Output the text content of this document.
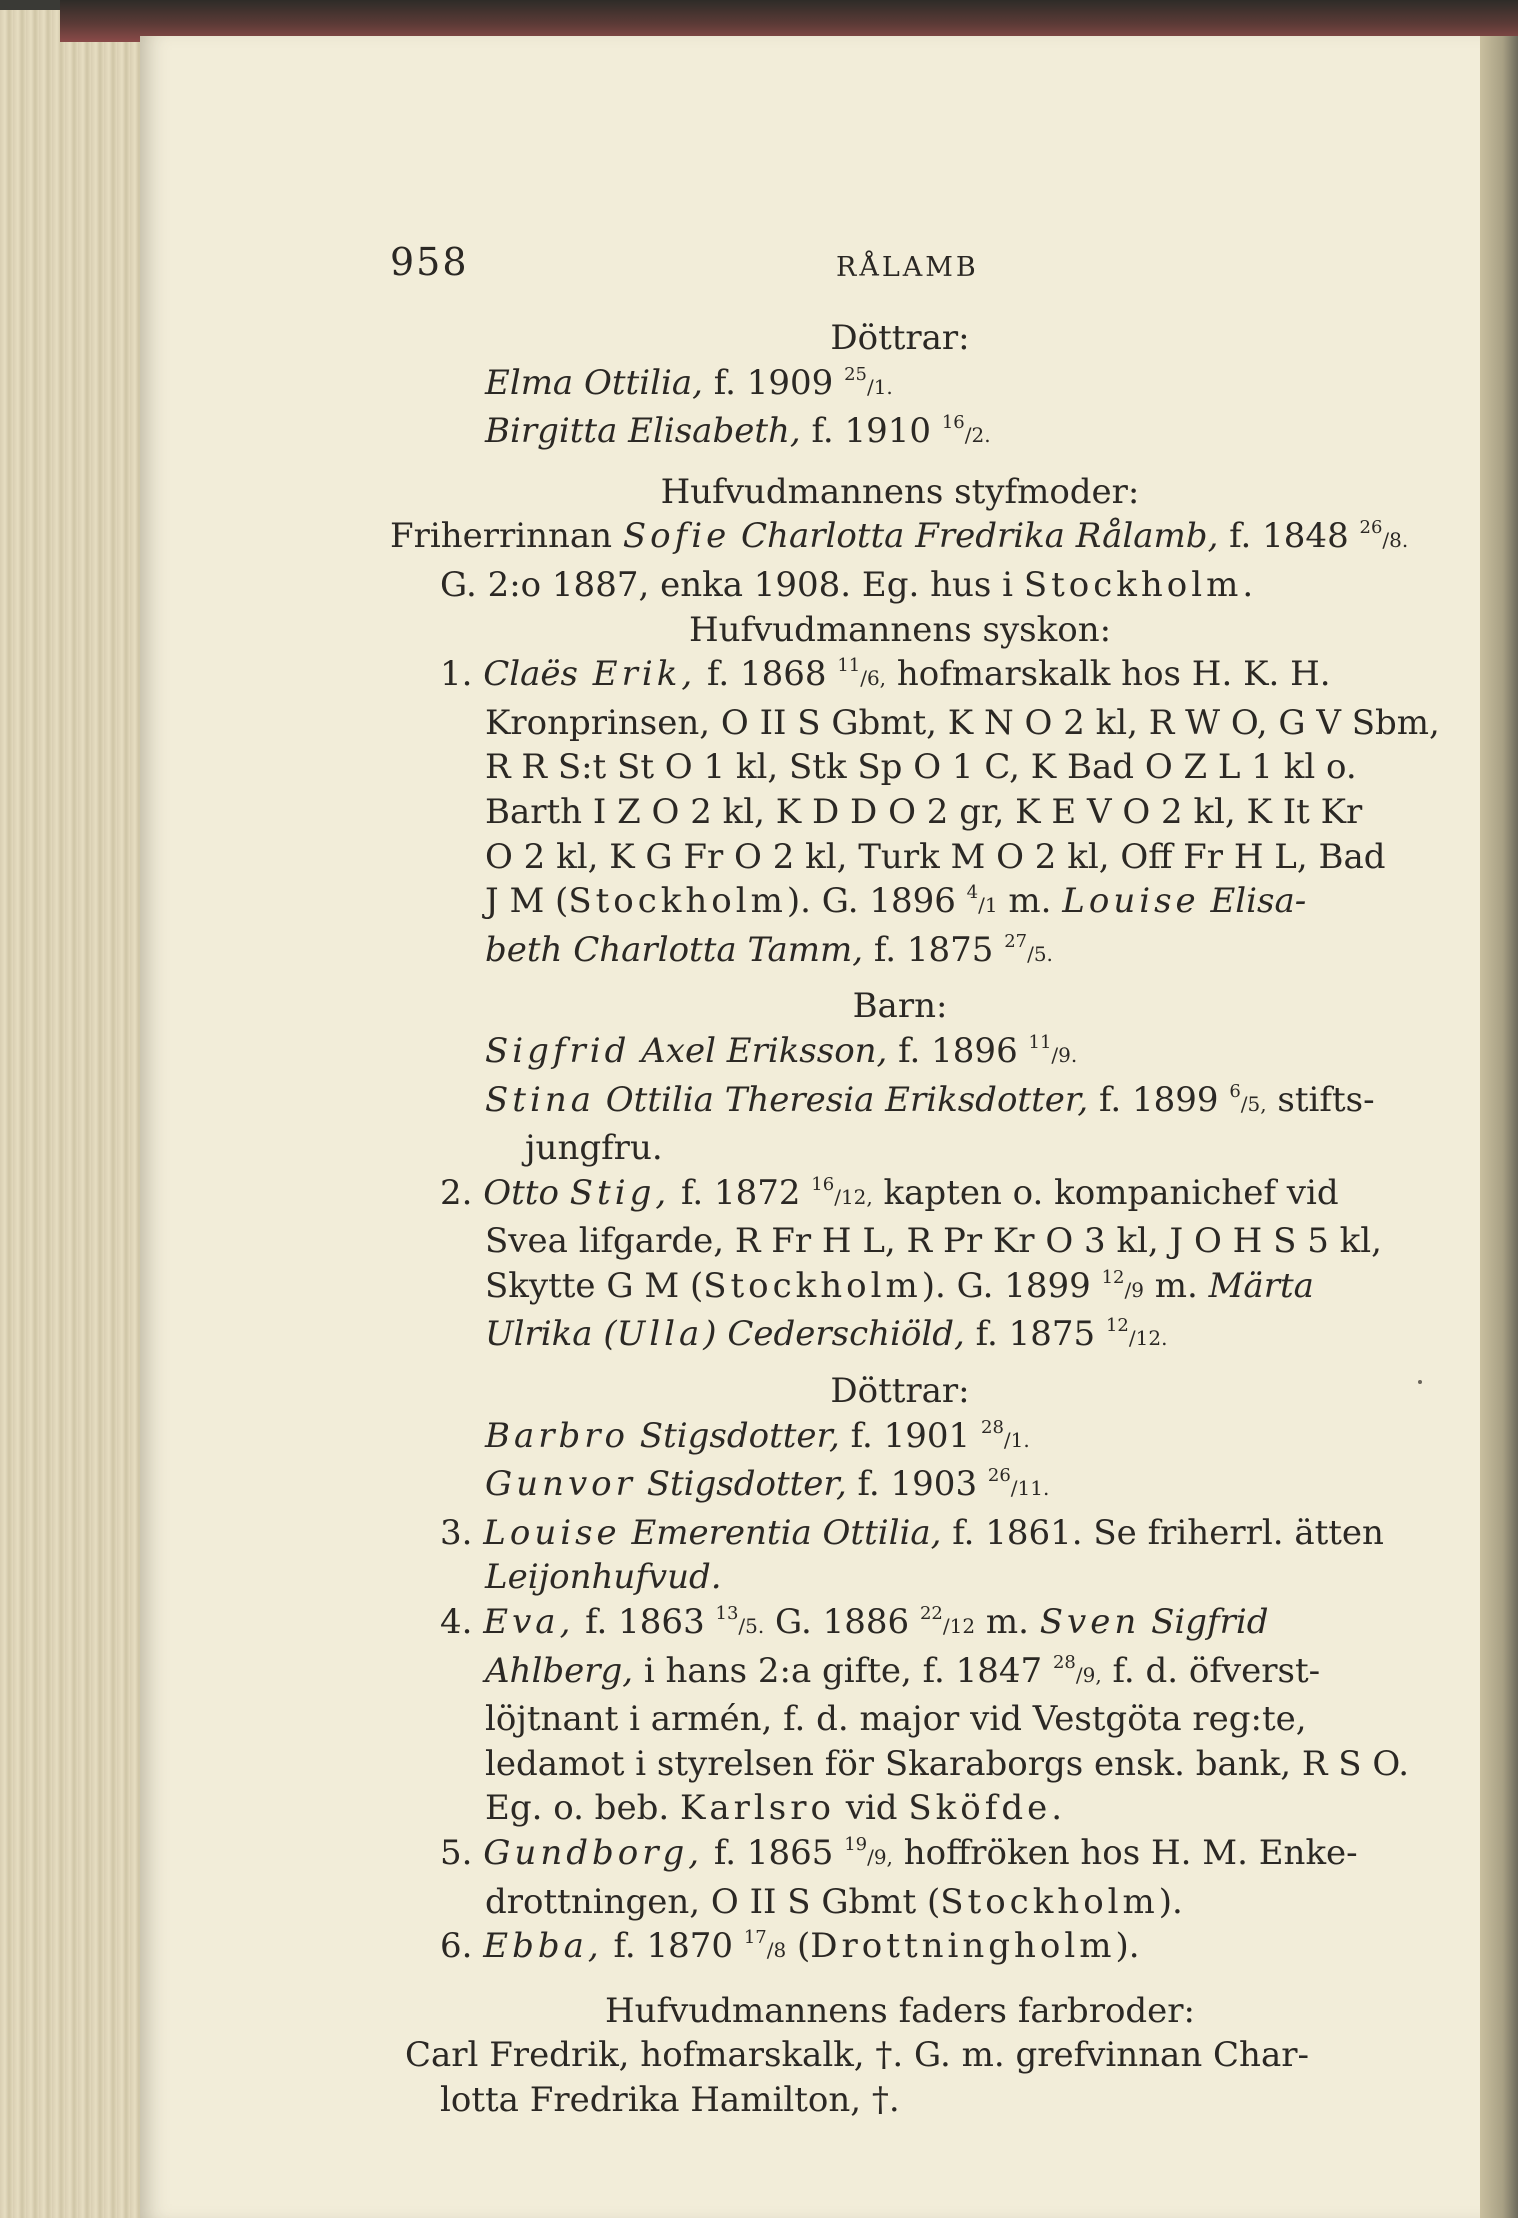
958	RÅLAMB
Döttrar:
Elma Ottilia, f. 1909 $^{25}$/1.
Birgitta Elisabeth, f. 1910 $^{16}$/2.
Hufvudmannens styfmoder:
Friherrinnan Sofie Charlotta Fredrika Rålamb, f. 1848 $^{26}$/8.
G. 2:o 1887, enka 1908. Eg. hus i Stockholm.
Hufvudmannens syskon:
1. Claës Erik, f. 1868 $^{11}$/6, hofmarskalk hos H. K. H.
Kronprinsen, O II S Gbmt, K N O 2 kl, R W O, G V Sbm,
R R S:t St O 1 kl, Stk Sp O 1 C, K Bad O Z L 1 kl o.
Barth I Z O 2 kl, K D D O 2 gr, K E V O 2 kl, K It Kr
O 2 kl, K G Fr O 2 kl, Turk M O 2 kl, Off Fr H L, Bad
J M (Stockholm). G. 1896 $^4$/1 m. Louise Elisa-
beth Charlotta Tamm, f. 1875 $^{27}$/5.
Barn:
Sigfrid Axel Eriksson, f. 1896 $^{11}$/9.
Stina Ottilia Theresia Eriksdotter, f. 1899 $^6$/5, stifts-
jungfru.
2. Otto Stig, f. 1872 $^{16}$/12, kapten o. kompanichef vid
Svea lifgarde, R Fr H L, R Pr Kr O 3 kl, J O H S 5 kl,
Skytte G M (Stockholm). G. 1899 $^{12}$/9 m. Märta
Ulrika (Ulla) Cederschiöld, f. 1875 $^{12}$/12.
Döttrar:
Barbro Stigsdotter, f. 1901 $^{28}$/1.
Gunvor Stigsdotter, f. 1903 $^{26}$/11.
3. Louise Emerentia Ottilia, f. 1861. Se friherrl. ätten
Leijonhufvud.
4. Eva, f. 1863 $^{13}$/5. G. 1886 $^{22}$/12 m. Sven Sigfrid
Ahlberg, i hans 2:a gifte, f. 1847 $^{28}$/9, f. d. öfverst-
löjtnant i armén, f. d. major vid Vestgöta reg:te,
ledamot i styrelsen för Skaraborgs ensk. bank, R S O.
Eg. o. beb. Karlsro vid Sköfde.
5. Gundborg, f. 1865 $^{19}$/9, hoffröken hos H. M. Enke-
drottningen, O II S Gbmt (Stockholm).
6. Ebba, f. 1870 $^{17}$/8 (Drottningholm).
Hufvudmannens faders farbroder:
Carl Fredrik, hofmarskalk, †. G. m. grefvinnan Char-
lotta Fredrika Hamilton, †.
